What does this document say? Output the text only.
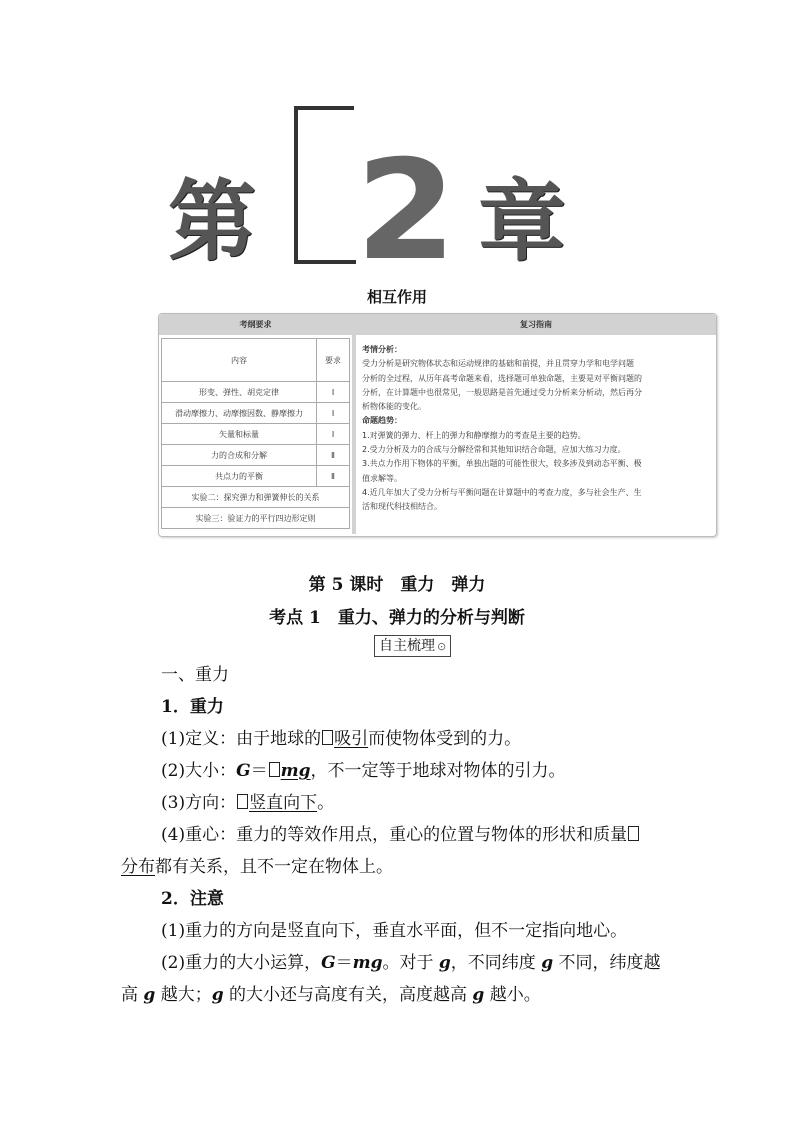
第 2 章
相互作用
考纲要求	复习指南
内容	要求
形变、弹性、胡克定律	Ⅰ
滑动摩擦力、动摩擦因数、静摩擦力	Ⅰ
矢量和标量	Ⅰ
力的合成和分解	Ⅱ
共点力的平衡	Ⅱ
实验二：探究弹力和弹簧伸长的关系	
实验三：验证力的平行四边形定则	
考情分析：
受力分析是研究物体状态和运动规律的基础和前提，并且贯穿力学和电学问题
分析的全过程，从历年高考命题来看，选择题可单独命题，主要是对平衡问题的
分析，在计算题中也很常见，一般思路是首先通过受力分析来分析动，然后再分
析物体能的变化。
命题趋势：
1.对弹簧的弹力、杆上的弹力和静摩擦力的考查是主要的趋势。
2.受力分析及力的合成与分解经常和其他知识结合命题，应加大练习力度。
3.共点力作用下物体的平衡，单独出题的可能性很大，较多涉及到动态平衡、极
值求解等。
4.近几年加大了受力分析与平衡问题在计算题中的考查力度，多与社会生产、生
活和现代科技相结合。
第 5 课时　重力　弹力
考点 1　重力、弹力的分析与判断
自主梳理 ⊙
一、重力
1．重力
(1)定义：由于地球的 吸引而使物体受到的力。
(2)大小：G＝ mg，不一定等于地球对物体的引力。
(3)方向： 竖直向下。
(4)重心：重力的等效作用点，重心的位置与物体的形状和质量
分布都有关系，且不一定在物体上。
2．注意
(1)重力的方向是竖直向下，垂直水平面，但不一定指向地心。
(2)重力的大小运算，G＝mg。对于 g，不同纬度 g 不同，纬度越
高 g 越大；g 的大小还与高度有关，高度越高 g 越小。
